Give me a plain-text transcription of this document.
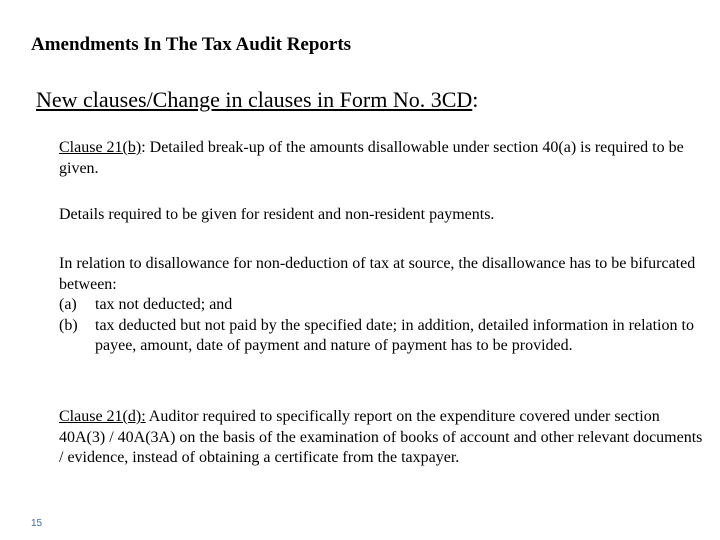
Amendments In The Tax Audit Reports
New clauses/Change in clauses in Form No. 3CD:
Clause 21(b): Detailed break-up of the amounts disallowable under section 40(a) is required to be given.
Details required to be given for resident and non-resident payments.
In relation to disallowance for non-deduction of tax at source, the disallowance has to be bifurcated between:
(a)	tax not deducted; and
(b)	tax deducted but not paid by the specified date; in addition, detailed information in relation to payee, amount, date of payment and nature of payment has to be provided.
Clause 21(d): Auditor required to specifically report on the expenditure covered under section 40A(3) / 40A(3A) on the basis of the examination of books of account and other relevant documents / evidence, instead of obtaining a certificate from the taxpayer.
15
